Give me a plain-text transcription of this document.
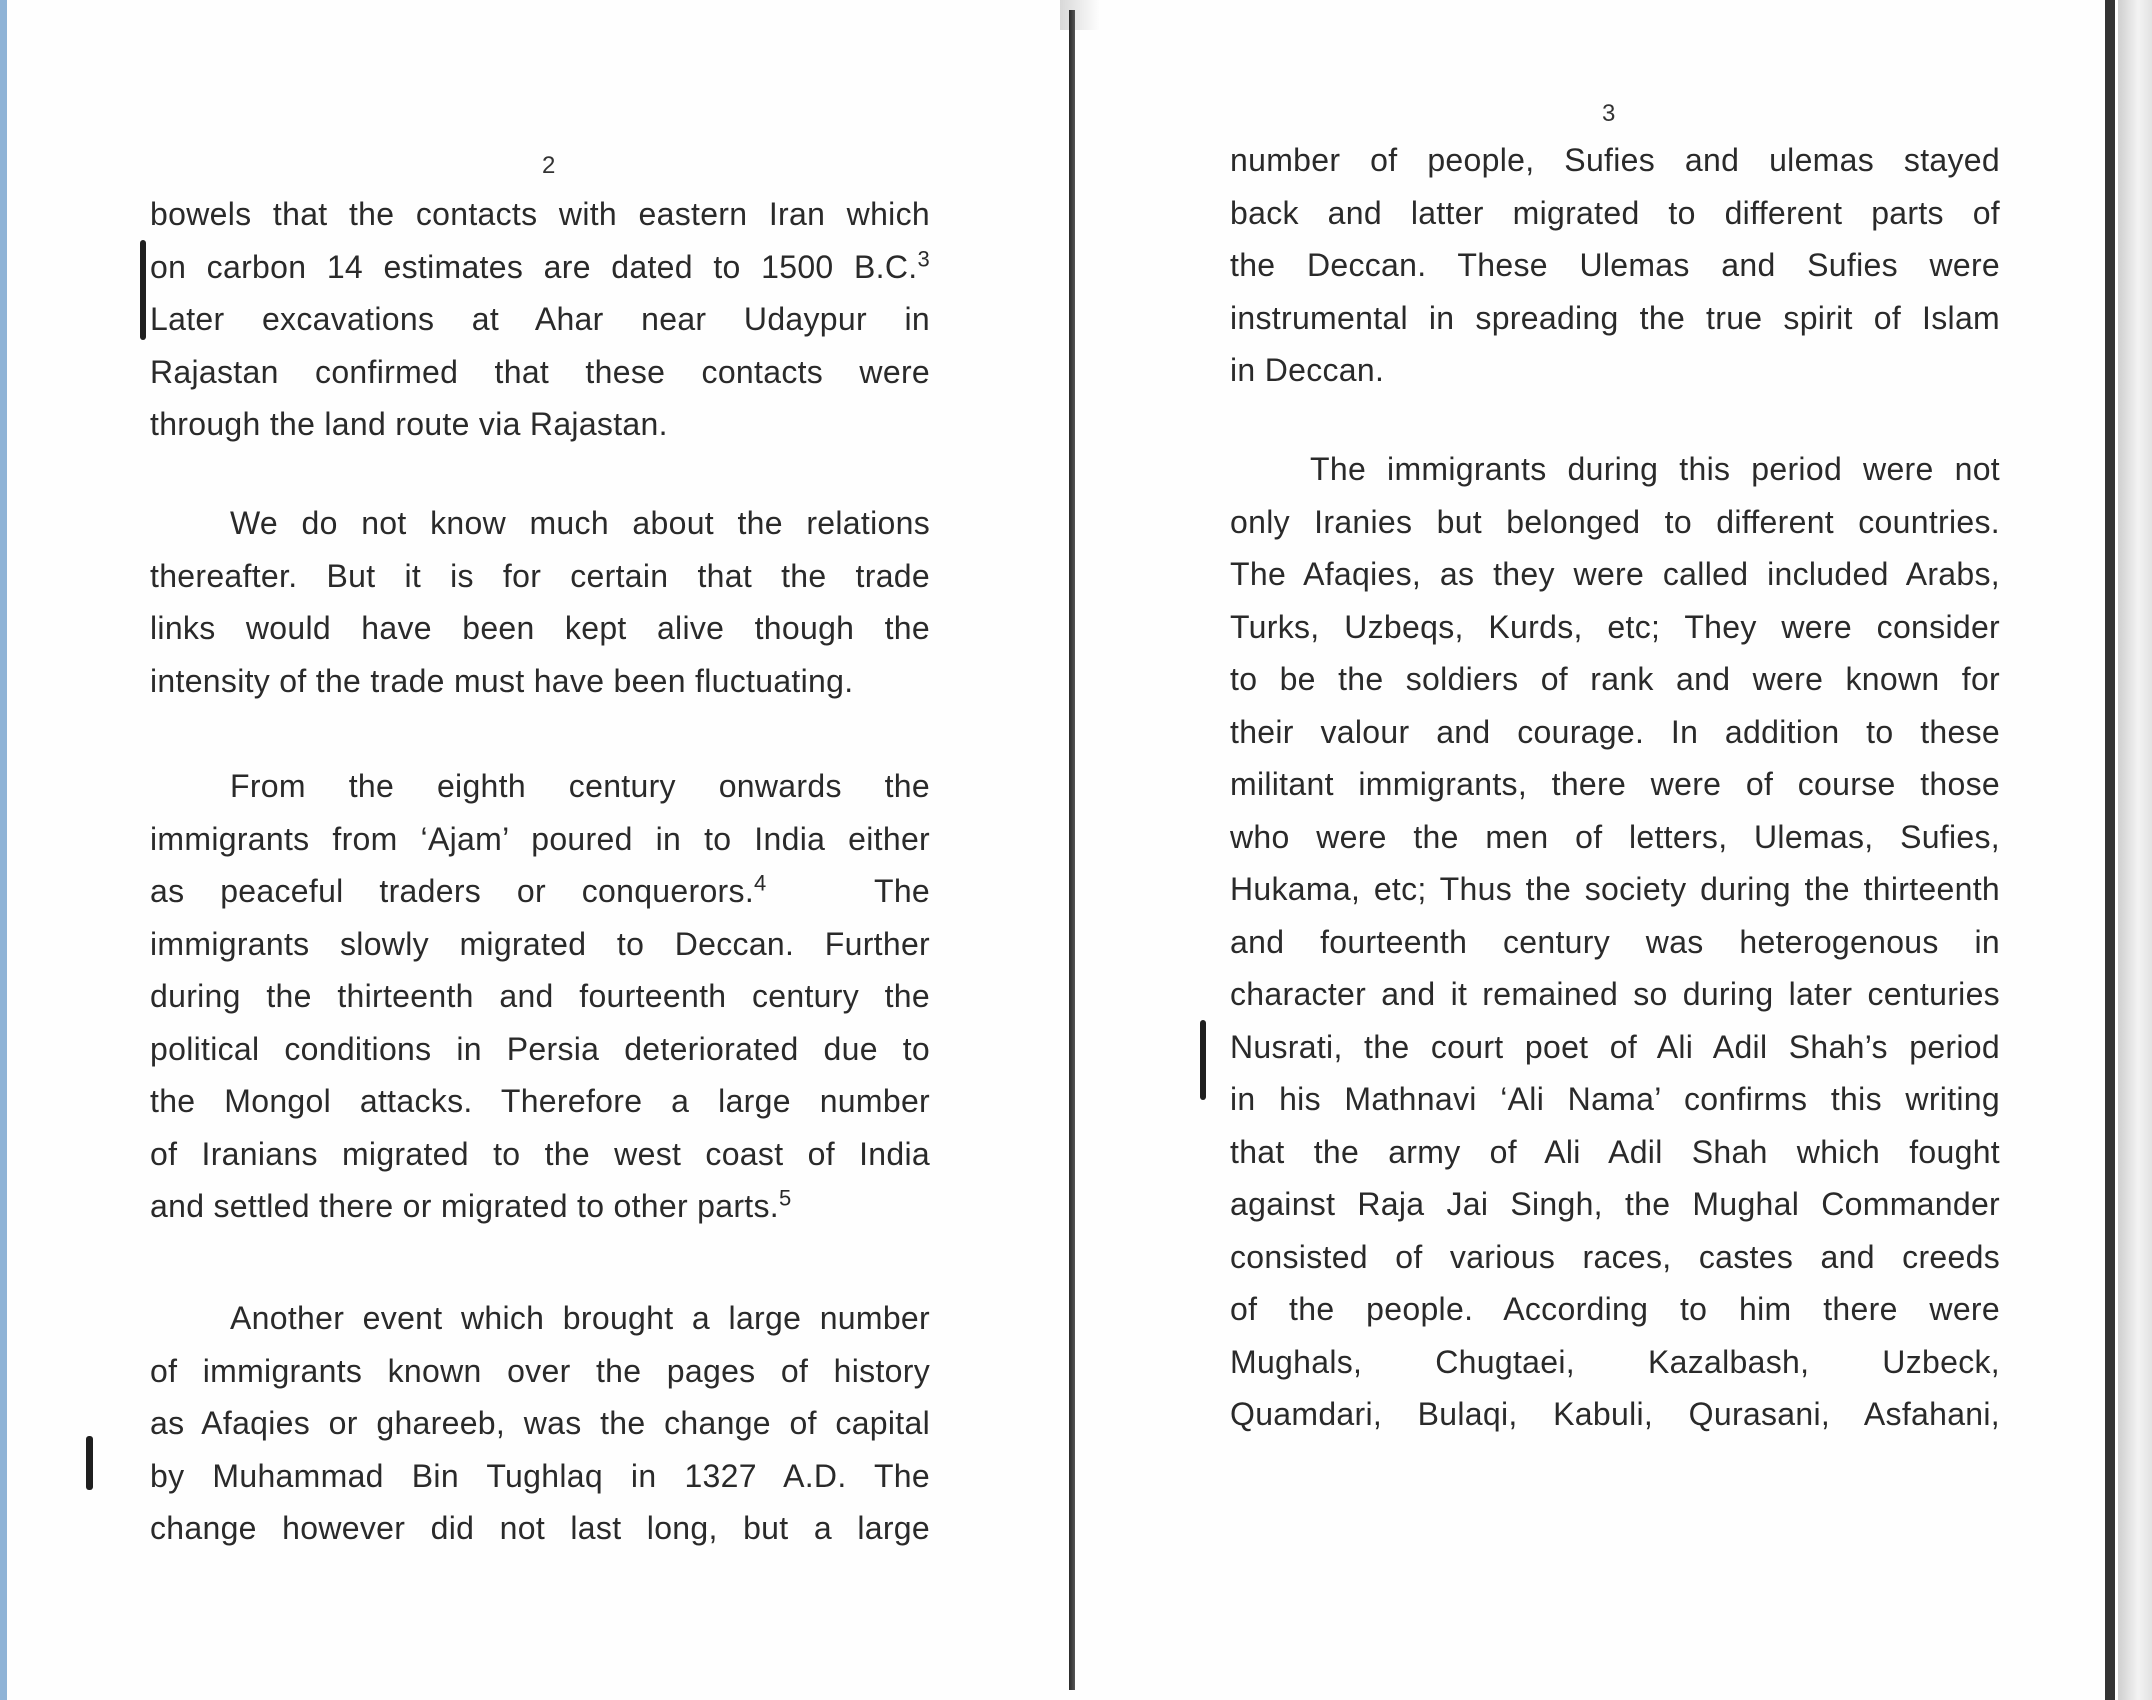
2
bowels that the contacts with eastern Iran which
on carbon 14 estimates are dated to 1500 B.C.$^3$
Later excavations at Ahar near Udaypur in
Rajastan confirmed that these contacts were
through the land route via Rajastan.
We do not know much about the relations
thereafter. But it is for certain that the trade
links would have been kept alive though the
intensity of the trade must have been fluctuating.
From the eighth century onwards the
immigrants from ‘Ajam’ poured in to India either
as peaceful traders or conquerors.$^4$	The
immigrants slowly migrated to Deccan. Further
during the thirteenth and fourteenth century the
political conditions in Persia deteriorated due to
the Mongol attacks. Therefore a large number
of Iranians migrated to the west coast of India
and settled there or migrated to other parts.$^5$
Another event which brought a large number
of immigrants known over the pages of history
as Afaqies or ghareeb, was the change of capital
by Muhammad Bin Tughlaq in 1327 A.D. The
change however did not last long, but a large
3
number of people, Sufies and ulemas stayed
back and latter migrated to different parts of
the Deccan. These Ulemas and Sufies were
instrumental in spreading the true spirit of Islam
in Deccan.
The immigrants during this period were not
only Iranies but belonged to different countries.
The Afaqies, as they were called included Arabs,
Turks, Uzbeqs, Kurds, etc; They were consider
to be the soldiers of rank and were known for
their valour and courage. In addition to these
militant immigrants, there were of course those
who were the men of letters, Ulemas, Sufies,
Hukama, etc; Thus the society during the thirteenth
and fourteenth century was heterogenous in
character and it remained so during later centuries
Nusrati, the court poet of Ali Adil Shah’s period
in his Mathnavi ‘Ali Nama’ confirms this writing
that the army of Ali Adil Shah which fought
against Raja Jai Singh, the Mughal Commander
consisted of various races, castes and creeds
of the people. According to him there were
Mughals, Chugtaei, Kazalbash, Uzbeck,
Quamdari, Bulaqi, Kabuli, Qurasani, Asfahani,
